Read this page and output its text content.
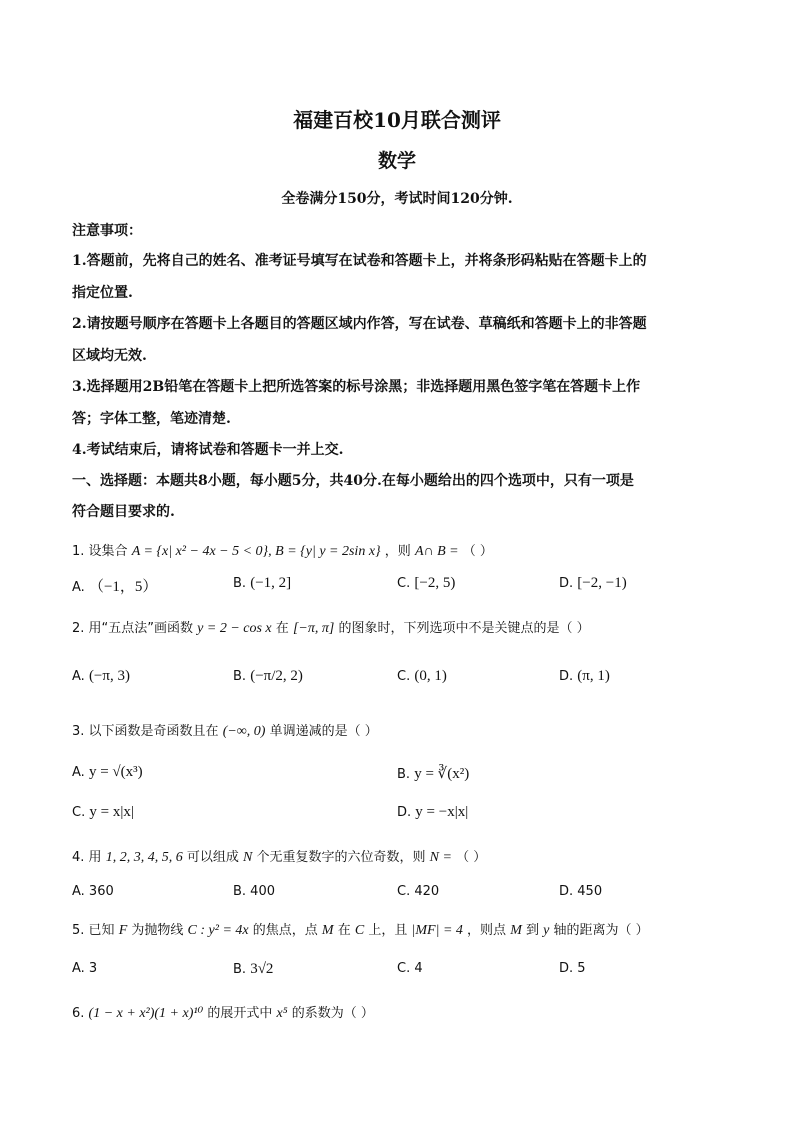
福建百校10月联合测评
数学
全卷满分150分，考试时间120分钟.
注意事项：
1.答题前，先将自己的姓名、准考证号填写在试卷和答题卡上，并将条形码粘贴在答题卡上的
指定位置.
2.请按题号顺序在答题卡上各题目的答题区域内作答，写在试卷、草稿纸和答题卡上的非答题
区域均无效.
3.选择题用2B铅笔在答题卡上把所选答案的标号涂黑；非选择题用黑色签字笔在答题卡上作
答；字体工整，笔迹清楚.
4.考试结束后，请将试卷和答题卡一并上交.
一、选择题：本题共8小题，每小题5分，共40分.在每小题给出的四个选项中，只有一项是
符合题目要求的.
1. 设集合 A = {x| x² − 4x − 5 < 0}, B = {y| y = 2sin x} ，则 A∩ B = （ ）
A. （−1，5）	B. (−1, 2]	C. [−2, 5)	D. [−2, −1)
2. 用“五点法”画函数 y = 2 − cos x 在 [−π, π] 的图象时，下列选项中不是关键点的是（ ）
A. (−π, 3)	B. (−π/2, 2)	C. (0, 1)	D. (π, 1)
3. 以下函数是奇函数且在 (−∞, 0) 单调递减的是（ ）
A. y = √(x³)	B. y = ∛(x²)
C. y = x|x|	D. y = −x|x|
4. 用 1, 2, 3, 4, 5, 6 可以组成 N 个无重复数字的六位奇数，则 N = （ ）
A. 360	B. 400	C. 420	D. 450
5. 已知 F 为抛物线 C : y² = 4x 的焦点，点 M 在 C 上，且 |MF| = 4 ，则点 M 到 y 轴的距离为（ ）
A. 3	B. 3√2	C. 4	D. 5
6. (1 − x + x²)(1 + x)¹⁰ 的展开式中 x⁵ 的系数为（ ）
